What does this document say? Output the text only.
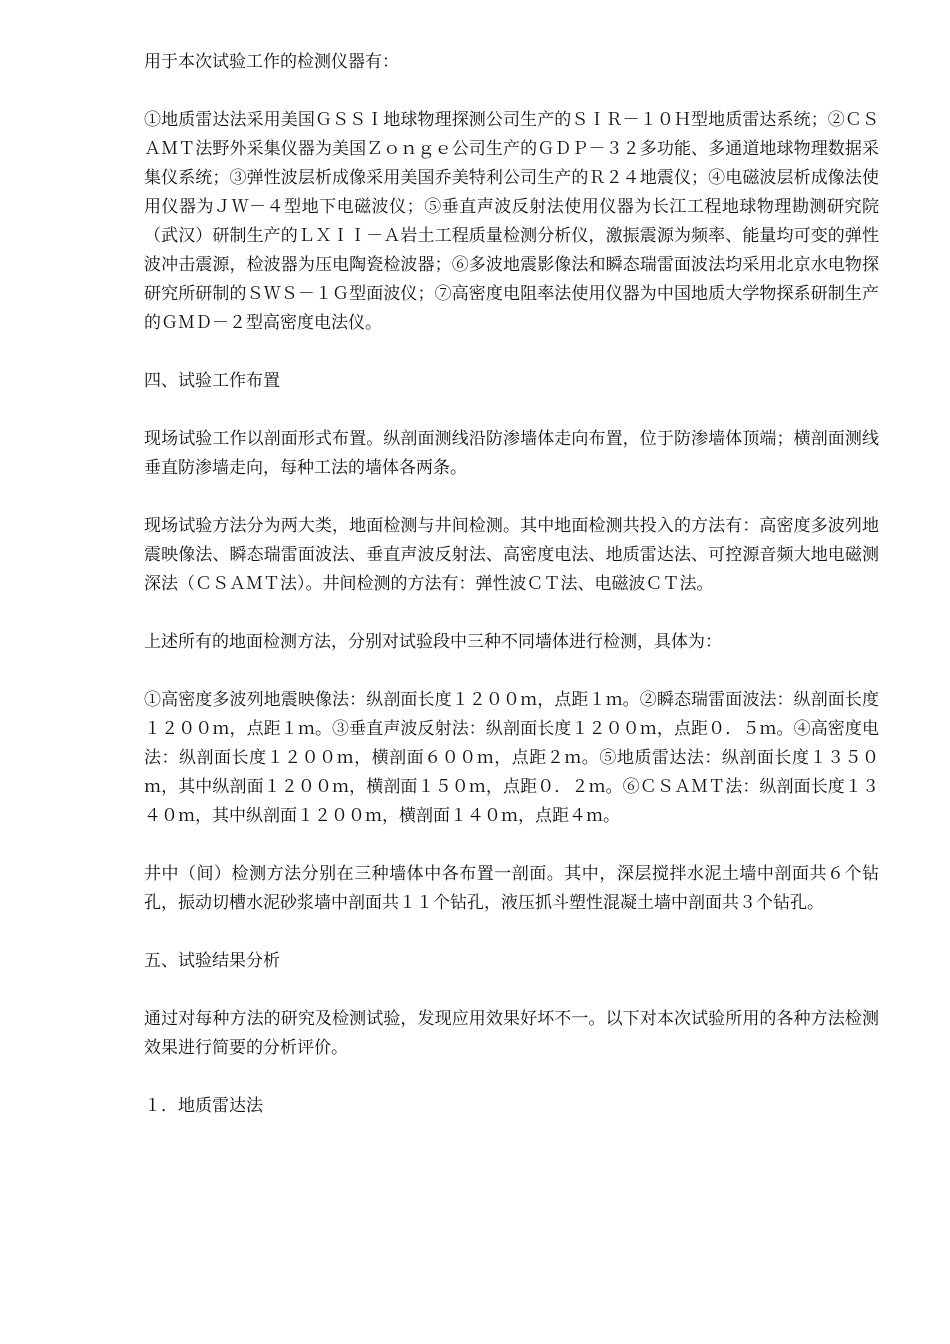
用于本次试验工作的检测仪器有：

①地质雷达法采用美国ＧＳＳＩ地球物理探测公司生产的ＳＩＲ－１０Ｈ型地质雷达系统；②ＣＳＡＭＴ法野外采集仪器为美国Ｚｏｎｇｅ公司生产的ＧＤＰ－３２多功能、多通道地球物理数据采集仪系统；③弹性波层析成像采用美国乔美特利公司生产的Ｒ２４地震仪；④电磁波层析成像法使用仪器为ＪＷ－４型地下电磁波仪；⑤垂直声波反射法使用仪器为长江工程地球物理勘测研究院（武汉）研制生产的ＬＸＩＩ－Ａ岩土工程质量检测分析仪，激振震源为频率、能量均可变的弹性波冲击震源，检波器为压电陶瓷检波器；⑥多波地震影像法和瞬态瑞雷面波法均采用北京水电物探研究所研制的ＳＷＳ－１Ｇ型面波仪；⑦高密度电阻率法使用仪器为中国地质大学物探系研制生产的ＧＭＤ－２型高密度电法仪。

四、试验工作布置

现场试验工作以剖面形式布置。纵剖面测线沿防渗墙体走向布置，位于防渗墙体顶端；横剖面测线垂直防渗墙走向，每种工法的墙体各两条。

现场试验方法分为两大类，地面检测与井间检测。其中地面检测共投入的方法有：高密度多波列地震映像法、瞬态瑞雷面波法、垂直声波反射法、高密度电法、地质雷达法、可控源音频大地电磁测深法（ＣＳＡＭＴ法）。井间检测的方法有：弹性波ＣＴ法、电磁波ＣＴ法。

上述所有的地面检测方法，分别对试验段中三种不同墙体进行检测，具体为：

①高密度多波列地震映像法：纵剖面长度１２００ｍ，点距１ｍ。②瞬态瑞雷面波法：纵剖面长度１２００ｍ，点距１ｍ。③垂直声波反射法：纵剖面长度１２００ｍ，点距０．５ｍ。④高密度电法：纵剖面长度１２００ｍ，横剖面６００ｍ，点距２ｍ。⑤地质雷达法：纵剖面长度１３５０ｍ，其中纵剖面１２００ｍ，横剖面１５０ｍ，点距０．２ｍ。⑥ＣＳＡＭＴ法：纵剖面长度１３４０ｍ，其中纵剖面１２００ｍ，横剖面１４０ｍ，点距４ｍ。

井中（间）检测方法分别在三种墙体中各布置一剖面。其中，深层搅拌水泥土墙中剖面共６个钻孔，振动切槽水泥砂浆墙中剖面共１１个钻孔，液压抓斗塑性混凝土墙中剖面共３个钻孔。

五、试验结果分析

通过对每种方法的研究及检测试验，发现应用效果好坏不一。以下对本次试验所用的各种方法检测效果进行简要的分析评价。

１．地质雷达法
